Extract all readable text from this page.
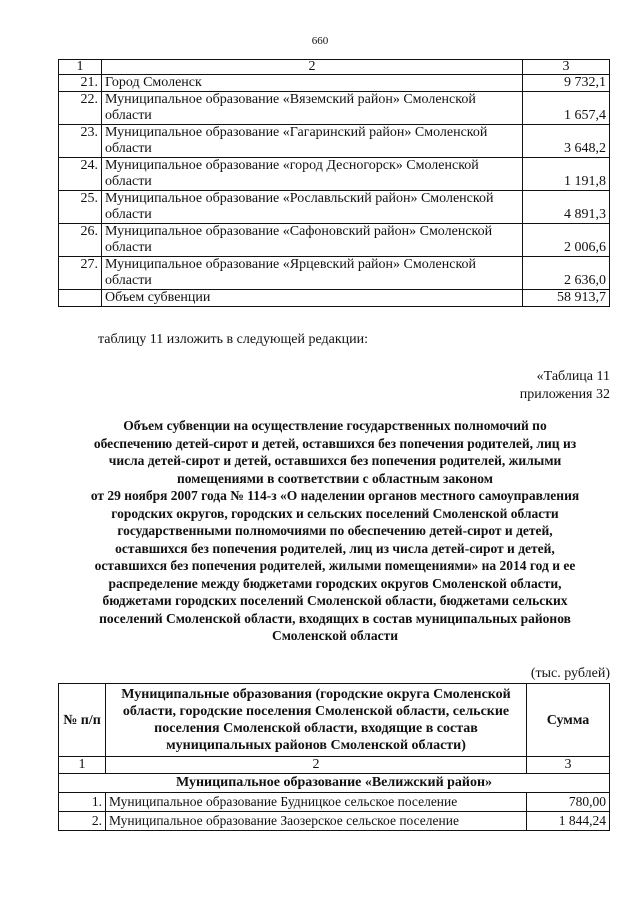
660
1	2	3
21.	Город Смоленск	9 732,1
22.	Муниципальное образование «Вяземский район» Смоленской области	1 657,4
23.	Муниципальное образование «Гагаринский район» Смоленской области	3 648,2
24.	Муниципальное образование «город Десногорск» Смоленской области	1 191,8
25.	Муниципальное образование «Рославльский район» Смоленской области	4 891,3
26.	Муниципальное образование «Сафоновский район» Смоленской области	2 006,6
27.	Муниципальное образование «Ярцевский район» Смоленской области	2 636,0
	Объем субвенции	58 913,7
таблицу 11 изложить в следующей редакции:
«Таблица 11
приложения 32
Объем субвенции на осуществление государственных полномочий по
обеспечению детей-сирот и детей, оставшихся без попечения родителей, лиц из
числа детей-сирот и детей, оставшихся без попечения родителей, жилыми
помещениями в соответствии с областным законом
от 29 ноября 2007 года № 114-з «О наделении органов местного самоуправления
городских округов, городских и сельских поселений Смоленской области
государственными полномочиями по обеспечению детей-сирот и детей,
оставшихся без попечения родителей, лиц из числа детей-сирот и детей,
оставшихся без попечения родителей, жилыми помещениями» на 2014 год и ее
распределение между бюджетами городских округов Смоленской области,
бюджетами городских поселений Смоленской области, бюджетами сельских
поселений Смоленской области, входящих в состав муниципальных районов
Смоленской области
(тыс. рублей)
№ п/п	Муниципальные образования (городские округа Смоленской области, городские поселения Смоленской области, сельские поселения Смоленской области, входящие в состав муниципальных районов Смоленской области)	Сумма
1	2	3
Муниципальное образование «Велижский район»		
1.	Муниципальное образование Будницкое сельское поселение	780,00
2.	Муниципальное образование Заозерское сельское поселение	1 844,24
